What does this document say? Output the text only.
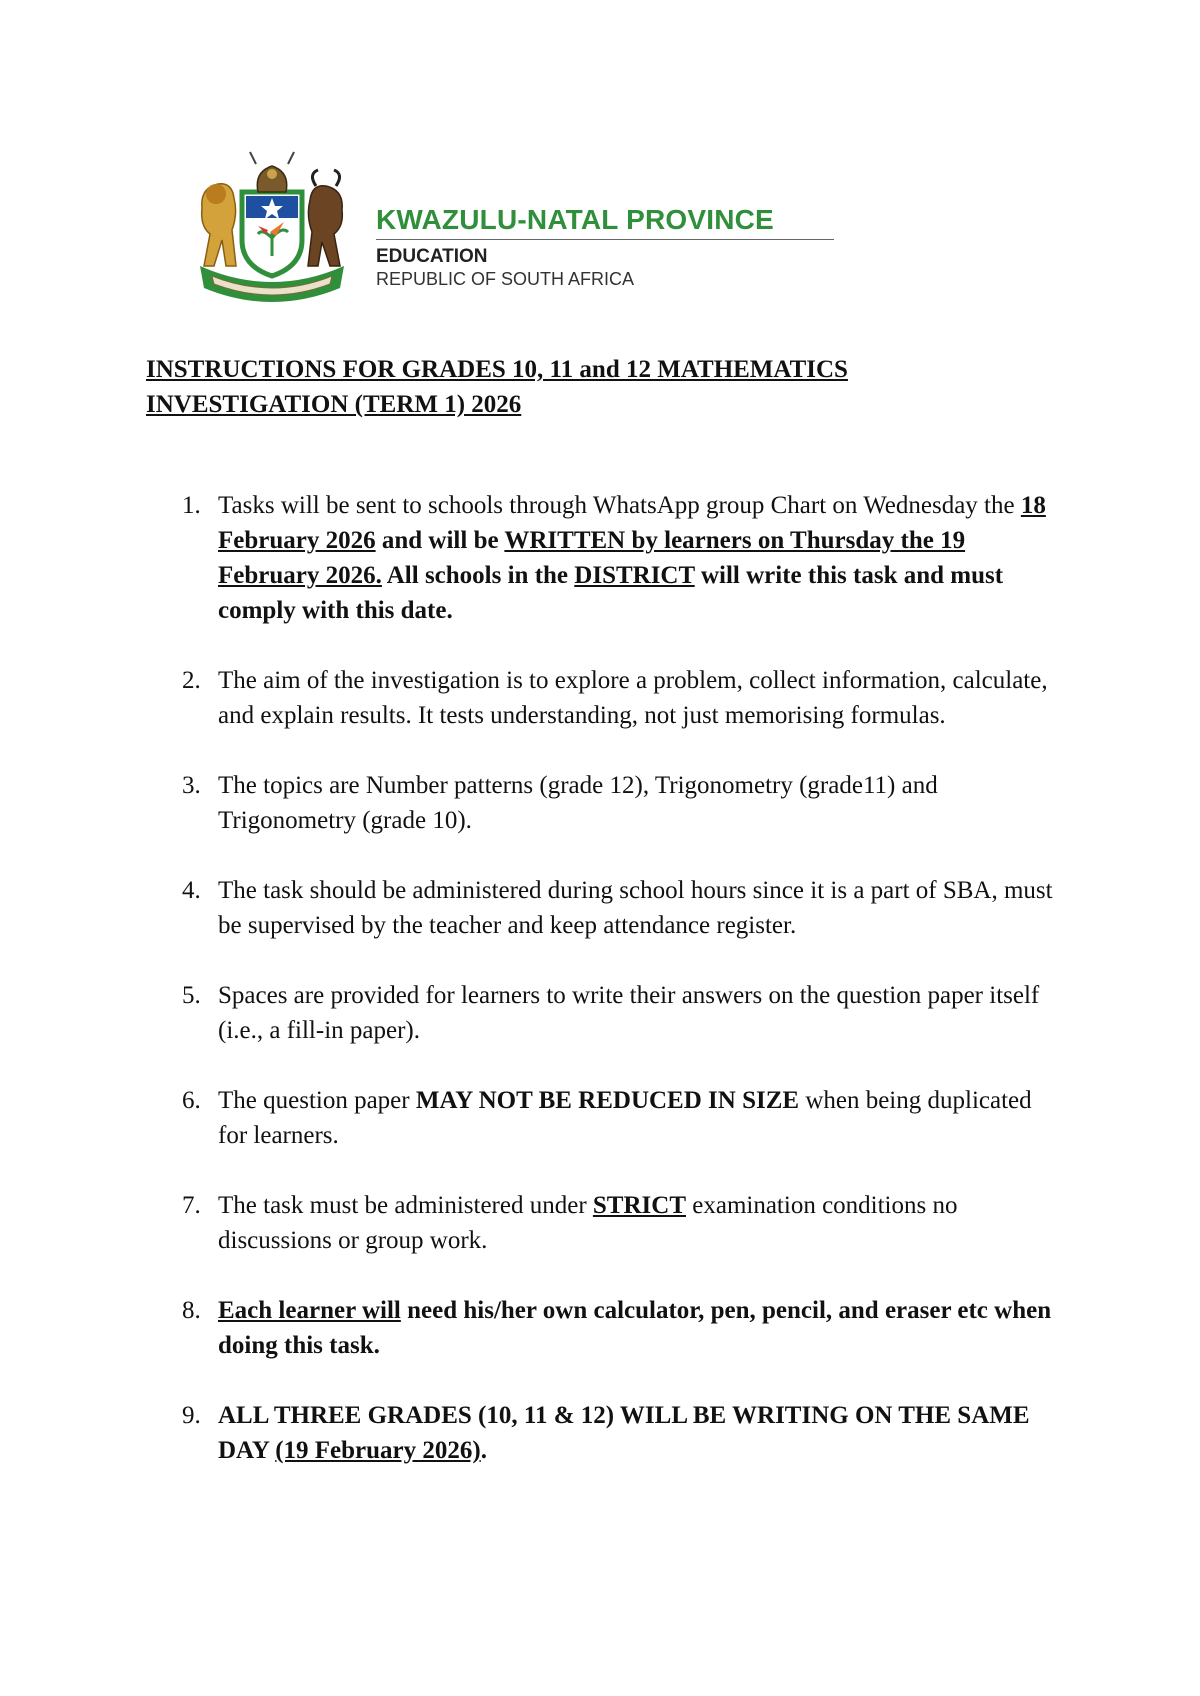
KWAZULU-NATAL PROVINCE
EDUCATION
REPUBLIC OF SOUTH AFRICA
INSTRUCTIONS FOR GRADES 10, 11 and 12 MATHEMATICS
INVESTIGATION (TERM 1) 2026
1. Tasks will be sent to schools through WhatsApp group Chart on Wednesday the 18 February 2026 and will be WRITTEN by learners on Thursday the 19 February 2026. All schools in the DISTRICT will write this task and must comply with this date.
2. The aim of the investigation is to explore a problem, collect information, calculate, and explain results. It tests understanding, not just memorising formulas.
3. The topics are Number patterns (grade 12), Trigonometry (grade11) and Trigonometry (grade 10).
4. The task should be administered during school hours since it is a part of SBA, must be supervised by the teacher and keep attendance register.
5. Spaces are provided for learners to write their answers on the question paper itself (i.e., a fill-in paper).
6. The question paper MAY NOT BE REDUCED IN SIZE when being duplicated for learners.
7. The task must be administered under STRICT examination conditions no discussions or group work.
8. Each learner will need his/her own calculator, pen, pencil, and eraser etc when doing this task.
9. ALL THREE GRADES (10, 11 & 12) WILL BE WRITING ON THE SAME DAY (19 February 2026).
